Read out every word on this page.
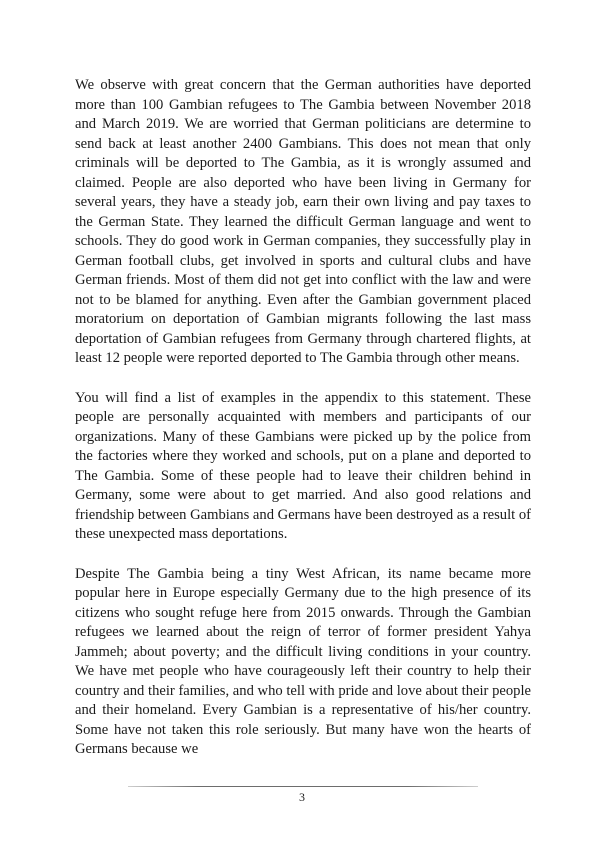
We observe with great concern that the German authorities have deported more than 100 Gambian refugees to The Gambia between November 2018 and March 2019. We are worried that German politicians are determine to send back at least another 2400 Gambians. This does not mean that only criminals will be deported to The Gambia, as it is wrongly assumed and claimed. People are also deported who have been living in Germany for several years, they have a steady job, earn their own living and pay taxes to the German State. They learned the difficult German language and went to schools. They do good work in German companies, they successfully play in German football clubs, get involved in sports and cultural clubs and have German friends. Most of them did not get into conflict with the law and were not to be blamed for anything. Even after the Gambian government placed moratorium on deportation of Gambian migrants following the last mass deportation of Gambian refugees from Germany through chartered flights, at least 12 people were reported deported to The Gambia through other means.

You will find a list of examples in the appendix to this statement. These people are personally acquainted with members and participants of our organizations. Many of these Gambians were picked up by the police from the factories where they worked and schools, put on a plane and deported to The Gambia. Some of these people had to leave their children behind in Germany, some were about to get married. And also good relations and friendship between Gambians and Germans have been destroyed as a result of these unexpected mass deportations.

Despite The Gambia being a tiny West African, its name became more popular here in Europe especially Germany due to the high presence of its citizens who sought refuge here from 2015 onwards. Through the Gambian refugees we learned about the reign of terror of former president Yahya Jammeh; about poverty; and the difficult living conditions in your country. We have met people who have courageously left their country to help their country and their families, and who tell with pride and love about their people and their homeland. Every Gambian is a representative of his/her country. Some have not taken this role seriously. But many have won the hearts of Germans because we

3
